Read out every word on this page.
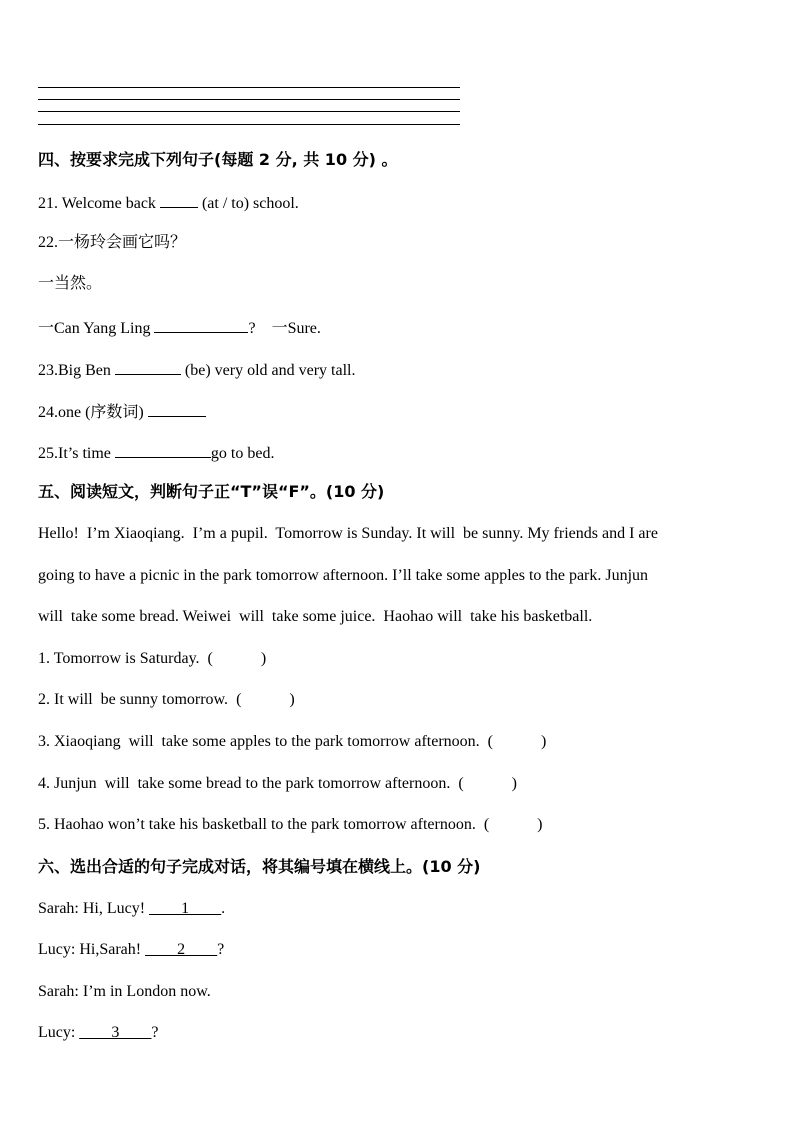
四、按要求完成下列句子(每题 2 分, 共 10 分) 。
21. Welcome back	(at / to) school.
22.一杨玲会画它吗？
一当然。
一Can Yang Ling	? 一Sure.
23.Big Ben	(be) very old and very tall.
24.one (序数词)
25.It’s time	go to bed.
五、阅读短文，判断句子正“T”误“F”。(10 分)
Hello!  I’m Xiaoqiang.  I’m a pupil.  Tomorrow is Sunday. It will  be sunny. My friends and I are
going to have a picnic in the park tomorrow afternoon. I’ll take some apples to the park. Junjun
will  take some bread. Weiwei  will  take some juice.  Haohao will  take his basketball.
1. Tomorrow is Saturday. (            )
2. It will  be sunny tomorrow. (            )
3. Xiaoqiang  will  take some apples to the park tomorrow afternoon. (            )
4. Junjun  will  take some bread to the park tomorrow afternoon. (            )
5. Haohao won’t take his basketball to the park tomorrow afternoon. (            )
六、选出合适的句子完成对话，将其编号填在横线上。(10 分)
Sarah: Hi, Lucy! ____1____.
Lucy: Hi,Sarah! ____2____?
Sarah: I’m in London now.
Lucy: ____3____?
